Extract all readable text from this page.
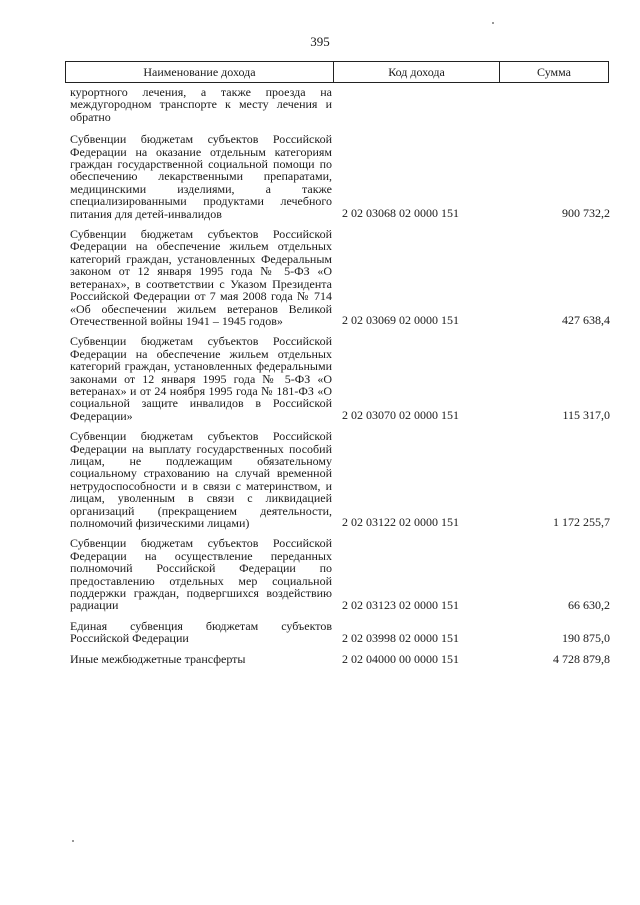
395
Наименование дохода	Код дохода	Сумма
курортного лечения, а также проезда на междугородном транспорте к месту лечения и обратно
Субвенции бюджетам субъектов Российской Федерации на оказание отдельным категориям граждан государственной социальной помощи по обеспечению лекарственными препаратами, медицинскими изделиями, а также специализированными продуктами лечебного питания для детей-инвалидов	2 02 03068 02 0000 151	900 732,2
Субвенции бюджетам субъектов Российской Федерации на обеспечение жильем отдельных категорий граждан, установленных Федеральным законом от 12 января 1995 года № 5-ФЗ «О ветеранах», в соответствии с Указом Президента Российской Федерации от 7 мая 2008 года № 714 «Об обеспечении жильем ветеранов Великой Отечественной войны 1941 – 1945 годов»	2 02 03069 02 0000 151	427 638,4
Субвенции бюджетам субъектов Российской Федерации на обеспечение жильем отдельных категорий граждан, установленных федеральными законами от 12 января 1995 года № 5-ФЗ «О ветеранах» и от 24 ноября 1995 года № 181-ФЗ «О социальной защите инвалидов в Российской Федерации»	2 02 03070 02 0000 151	115 317,0
Субвенции бюджетам субъектов Российской Федерации на выплату государственных пособий лицам, не подлежащим обязательному социальному страхованию на случай временной нетрудоспособности и в связи с материнством, и лицам, уволенным в связи с ликвидацией организаций (прекращением деятельности, полномочий физическими лицами)	2 02 03122 02 0000 151	1 172 255,7
Субвенции бюджетам субъектов Российской Федерации на осуществление переданных полномочий Российской Федерации по предоставлению отдельных мер социальной поддержки граждан, подвергшихся воздействию радиации	2 02 03123 02 0000 151	66 630,2
Единая субвенция бюджетам субъектов Российской Федерации	2 02 03998 02 0000 151	190 875,0
Иные межбюджетные трансферты	2 02 04000 00 0000 151	4 728 879,8
